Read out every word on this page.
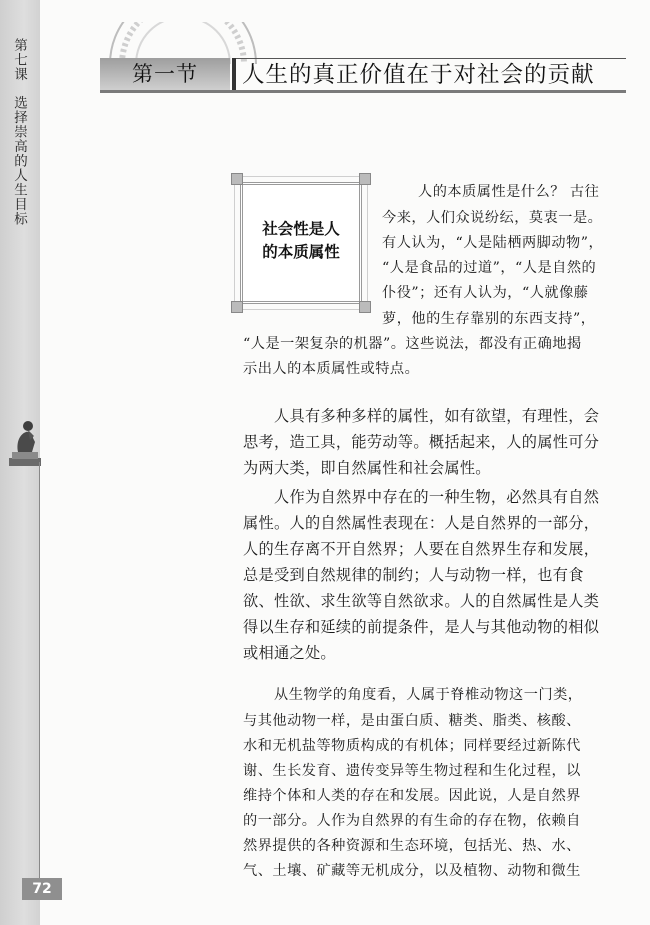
第七课选择崇高的人生目标
72
第一节	人生的真正价值在于对社会的贡献
社会性是人
的本质属性
人的本质属性是什么？ 古往
今来，人们众说纷纭，莫衷一是。
有人认为，“人是陆栖两脚动物”，
“人是食品的过道”，“人是自然的
仆役”；还有人认为，“人就像藤
萝，他的生存靠别的东西支持”，
“人是一架复杂的机器”。这些说法，都没有正确地揭
示出人的本质属性或特点。
人具有多种多样的属性，如有欲望，有理性，会
思考，造工具，能劳动等。概括起来，人的属性可分
为两大类，即自然属性和社会属性。
人作为自然界中存在的一种生物，必然具有自然
属性。人的自然属性表现在：人是自然界的一部分，
人的生存离不开自然界；人要在自然界生存和发展，
总是受到自然规律的制约；人与动物一样，也有食
欲、性欲、求生欲等自然欲求。人的自然属性是人类
得以生存和延续的前提条件，是人与其他动物的相似
或相通之处。
从生物学的角度看，人属于脊椎动物这一门类，
与其他动物一样，是由蛋白质、糖类、脂类、核酸、
水和无机盐等物质构成的有机体；同样要经过新陈代
谢、生长发育、遗传变异等生物过程和生化过程，以
维持个体和人类的存在和发展。因此说，人是自然界
的一部分。人作为自然界的有生命的存在物，依赖自
然界提供的各种资源和生态环境，包括光、热、水、
气、土壤、矿藏等无机成分，以及植物、动物和微生
